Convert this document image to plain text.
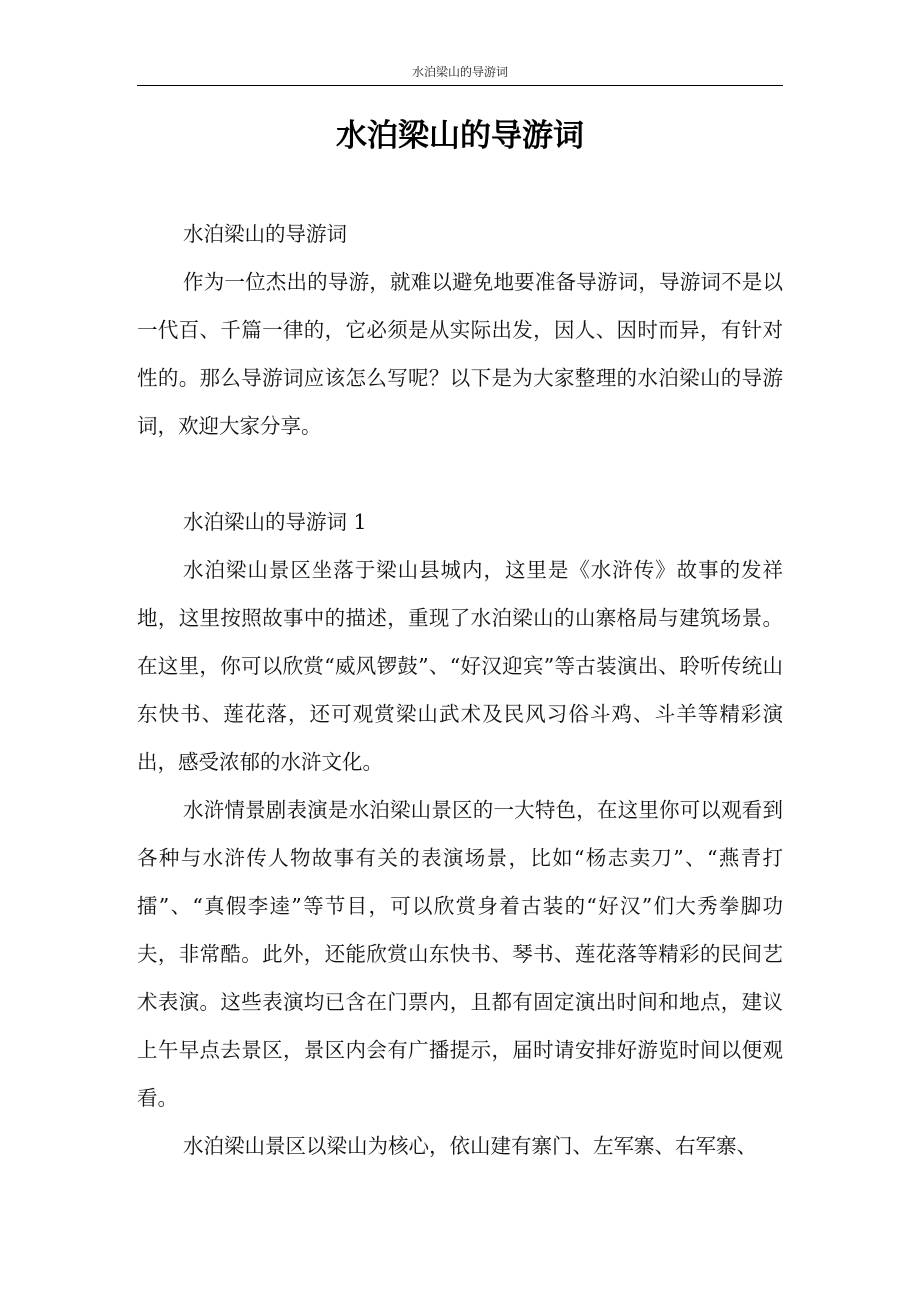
水泊梁山的导游词
水泊梁山的导游词

水泊梁山的导游词

作为一位杰出的导游，就难以避免地要准备导游词，导游词不是以一代百、千篇一律的，它必须是从实际出发，因人、因时而异，有针对性的。那么导游词应该怎么写呢？以下是为大家整理的水泊梁山的导游词，欢迎大家分享。

水泊梁山的导游词 1

水泊梁山景区坐落于梁山县城内，这里是《水浒传》故事的发祥地，这里按照故事中的描述，重现了水泊梁山的山寨格局与建筑场景。在这里，你可以欣赏“威风锣鼓”、“好汉迎宾”等古装演出、聆听传统山东快书、莲花落，还可观赏梁山武术及民风习俗斗鸡、斗羊等精彩演出，感受浓郁的水浒文化。

水浒情景剧表演是水泊梁山景区的一大特色，在这里你可以观看到各种与水浒传人物故事有关的表演场景，比如“杨志卖刀”、“燕青打擂”、“真假李逵”等节目，可以欣赏身着古装的“好汉”们大秀拳脚功夫，非常酷。此外，还能欣赏山东快书、琴书、莲花落等精彩的民间艺术表演。这些表演均已含在门票内，且都有固定演出时间和地点，建议上午早点去景区，景区内会有广播提示，届时请安排好游览时间以便观看。

水泊梁山景区以梁山为核心，依山建有寨门、左军寨、右军寨、
